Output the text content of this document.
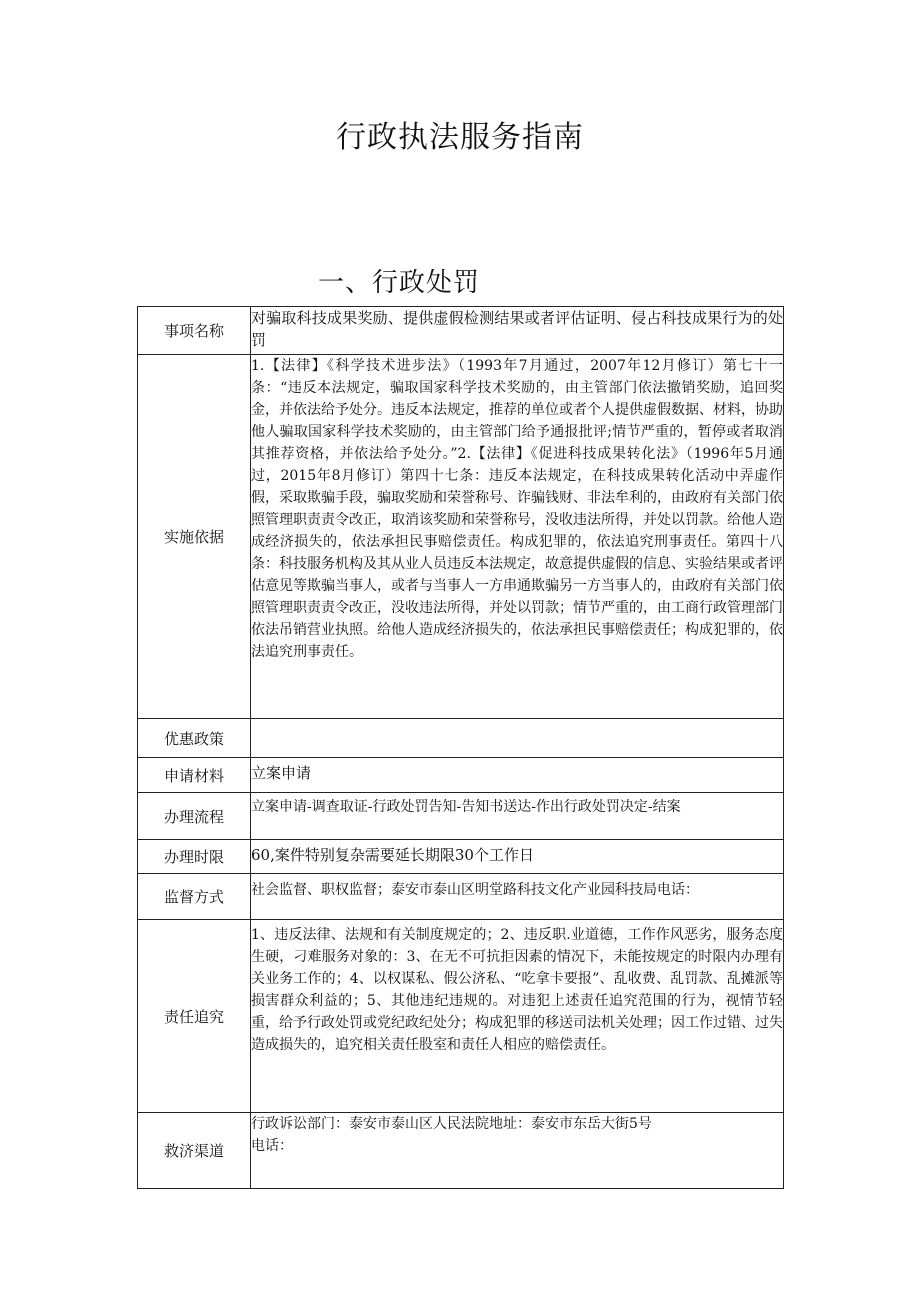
行政执法服务指南
一、行政处罚
事项名称	对骗取科技成果奖励、提供虚假检测结果或者评估证明、侵占科技成果行为的处罚
实施依据	1.【法律】《科学技术进步法》（1993年7月通过，2007年12月修订）第七十一条：“违反本法规定，骗取国家科学技术奖励的，由主管部门依法撤销奖励，追回奖金，并依法给予处分。违反本法规定，推荐的单位或者个人提供虚假数据、材料，协助他人骗取国家科学技术奖励的，由主管部门给予通报批评;情节严重的，暂停或者取消其推荐资格，并依法给予处分。”2.【法律】《促进科技成果转化法》（1996年5月通过，2015年8月修订）第四十七条：违反本法规定，在科技成果转化活动中弄虚作假，采取欺骗手段，骗取奖励和荣誉称号、诈骗钱财、非法牟利的，由政府有关部门依照管理职责责令改正，取消该奖励和荣誉称号，没收违法所得，并处以罚款。给他人造成经济损失的，依法承担民事赔偿责任。构成犯罪的，依法追究刑事责任。第四十八条：科技服务机构及其从业人员违反本法规定，故意提供虚假的信息、实验结果或者评估意见等欺骗当事人，或者与当事人一方串通欺骗另一方当事人的，由政府有关部门依照管理职责责令改正，没收违法所得，并处以罚款；情节严重的，由工商行政管理部门依法吊销营业执照。给他人造成经济损失的，依法承担民事赔偿责任；构成犯罪的，依法追究刑事责任。
优惠政策	
申请材料	立案申请
办理流程	立案申请-调查取证-行政处罚告知-告知书送达-作出行政处罚决定-结案
办理时限	60,案件特别复杂需要延长期限30个工作日
监督方式	社会监督、职权监督；泰安市泰山区明堂路科技文化产业园科技局电话：
责任追究	1、违反法律、法规和有关制度规定的；2、违反职.业道德，工作作风恶劣，服务态度生硬，刁难服务对象的：3、在无不可抗拒因素的情况下，未能按规定的时限内办理有关业务工作的；4、以权谋私、假公济私、“吃拿卡要报”、乱收费、乱罚款、乱摊派等损害群众利益的；5、其他违纪违规的。对违犯上述责任追究范围的行为，视情节轻重，给予行政处罚或党纪政纪处分；构成犯罪的移送司法机关处理；因工作过错、过失造成损失的，追究相关责任股室和责任人相应的赔偿责任。
救济渠道	行政诉讼部门：泰安市泰山区人民法院地址：泰安市东岳大街5号
电话：
